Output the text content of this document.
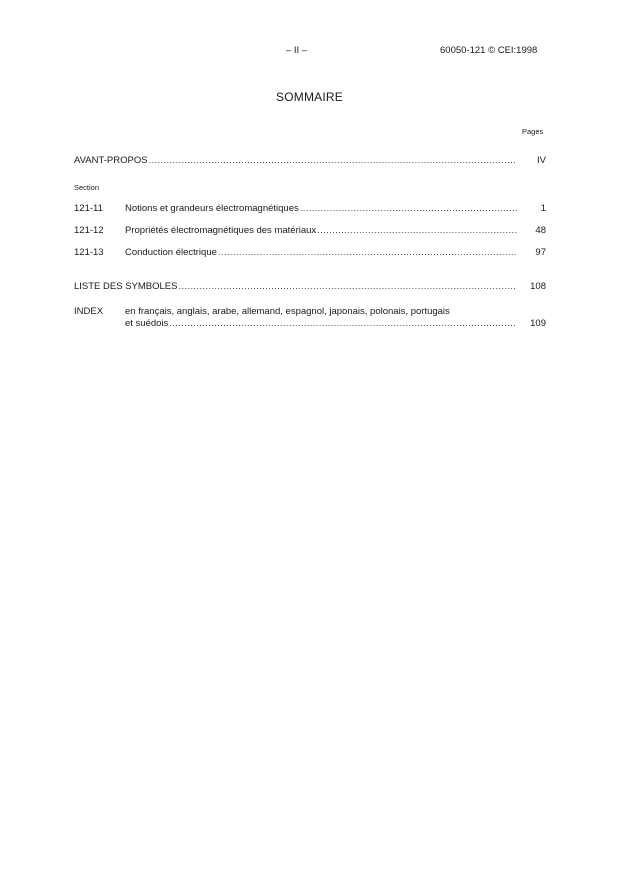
– II –	60050-121 © CEI:1998
SOMMAIRE
Pages
AVANT-PROPOS .....	IV
Section
121-11	Notions et grandeurs électromagnétiques .....	1
121-12	Propriétés électromagnétiques des matériaux .....	48
121-13	Conduction électrique .....	97
LISTE DES SYMBOLES .....	108
INDEX	en français, anglais, arabe, allemand, espagnol, japonais, polonais, portugais
et suédois .....	109
